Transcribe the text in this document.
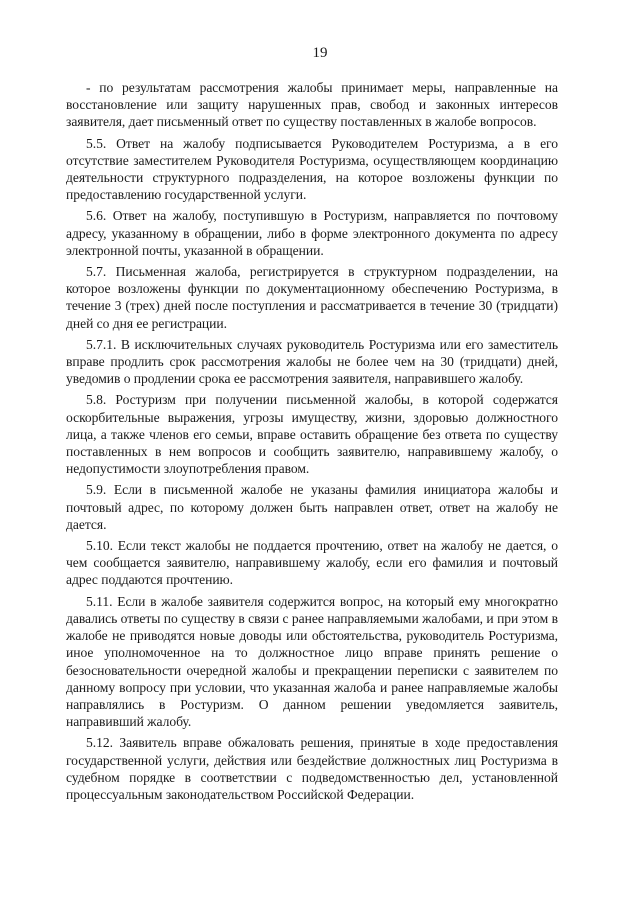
19

- по результатам рассмотрения жалобы принимает меры, направленные на восстановление или защиту нарушенных прав, свобод и законных интересов заявителя, дает письменный ответ по существу поставленных в жалобе вопросов.

5.5. Ответ на жалобу подписывается Руководителем Ростуризма, а в его отсутствие заместителем Руководителя Ростуризма, осуществляющем координацию деятельности структурного подразделения, на которое возложены функции по предоставлению государственной услуги.

5.6. Ответ на жалобу, поступившую в Ростуризм, направляется по почтовому адресу, указанному в обращении, либо в форме электронного документа по адресу электронной почты, указанной в обращении.

5.7. Письменная жалоба, регистрируется в структурном подразделении, на которое возложены функции по документационному обеспечению Ростуризма, в течение 3 (трех) дней после поступления и рассматривается в течение 30 (тридцати) дней со дня ее регистрации.

5.7.1. В исключительных случаях руководитель Ростуризма или его заместитель вправе продлить срок рассмотрения жалобы не более чем на 30 (тридцати) дней, уведомив о продлении срока ее рассмотрения заявителя, направившего жалобу.

5.8. Ростуризм при получении письменной жалобы, в которой содержатся оскорбительные выражения, угрозы имуществу, жизни, здоровью должностного лица, а также членов его семьи, вправе оставить обращение без ответа по существу поставленных в нем вопросов и сообщить заявителю, направившему жалобу, о недопустимости злоупотребления правом.

5.9. Если в письменной жалобе не указаны фамилия инициатора жалобы и почтовый адрес, по которому должен быть направлен ответ, ответ на жалобу не дается.

5.10. Если текст жалобы не поддается прочтению, ответ на жалобу не дается, о чем сообщается заявителю, направившему жалобу, если его фамилия и почтовый адрес поддаются прочтению.

5.11. Если в жалобе заявителя содержится вопрос, на который ему многократно давались ответы по существу в связи с ранее направляемыми жалобами, и при этом в жалобе не приводятся новые доводы или обстоятельства, руководитель Ростуризма, иное уполномоченное на то должностное лицо вправе принять решение о безосновательности очередной жалобы и прекращении переписки с заявителем по данному вопросу при условии, что указанная жалоба и ранее направляемые жалобы направлялись в Ростуризм. О данном решении уведомляется заявитель, направивший жалобу.

5.12. Заявитель вправе обжаловать решения, принятые в ходе предоставления государственной услуги, действия или бездействие должностных лиц Ростуризма в судебном порядке в соответствии с подведомственностью дел, установленной процессуальным законодательством Российской Федерации.
